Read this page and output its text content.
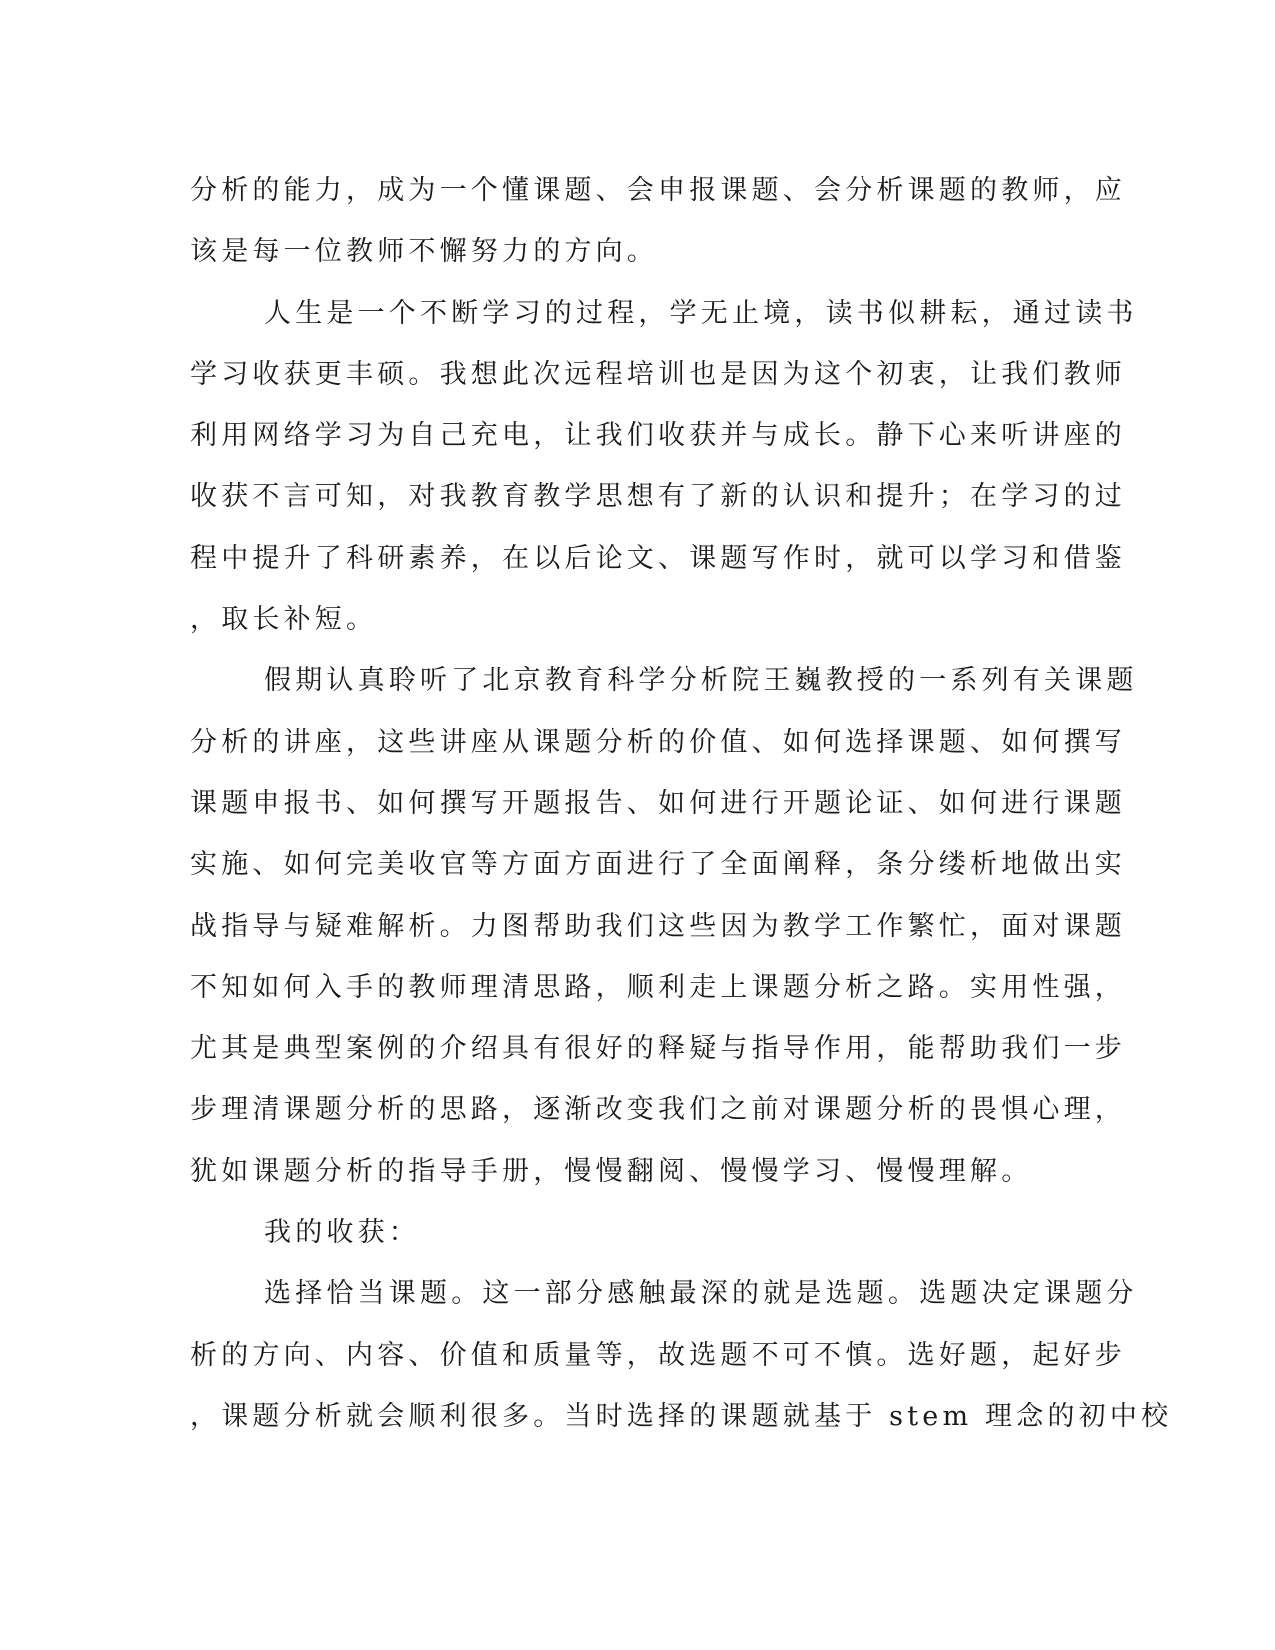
分析的能力，成为一个懂课题、会申报课题、会分析课题的教师，应
该是每一位教师不懈努力的方向。
人生是一个不断学习的过程，学无止境，读书似耕耘，通过读书
学习收获更丰硕。我想此次远程培训也是因为这个初衷，让我们教师
利用网络学习为自己充电，让我们收获并与成长。静下心来听讲座的
收获不言可知，对我教育教学思想有了新的认识和提升；在学习的过
程中提升了科研素养，在以后论文、课题写作时，就可以学习和借鉴
，取长补短。
假期认真聆听了北京教育科学分析院王巍教授的一系列有关课题
分析的讲座，这些讲座从课题分析的价值、如何选择课题、如何撰写
课题申报书、如何撰写开题报告、如何进行开题论证、如何进行课题
实施、如何完美收官等方面方面进行了全面阐释，条分缕析地做出实
战指导与疑难解析。力图帮助我们这些因为教学工作繁忙，面对课题
不知如何入手的教师理清思路，顺利走上课题分析之路。实用性强，
尤其是典型案例的介绍具有很好的释疑与指导作用，能帮助我们一步
步理清课题分析的思路，逐渐改变我们之前对课题分析的畏惧心理，
犹如课题分析的指导手册，慢慢翻阅、慢慢学习、慢慢理解。
我的收获：
选择恰当课题。这一部分感触最深的就是选题。选题决定课题分
析的方向、内容、价值和质量等，故选题不可不慎。选好题，起好步
，课题分析就会顺利很多。当时选择的课题就基于 stem 理念的初中校
